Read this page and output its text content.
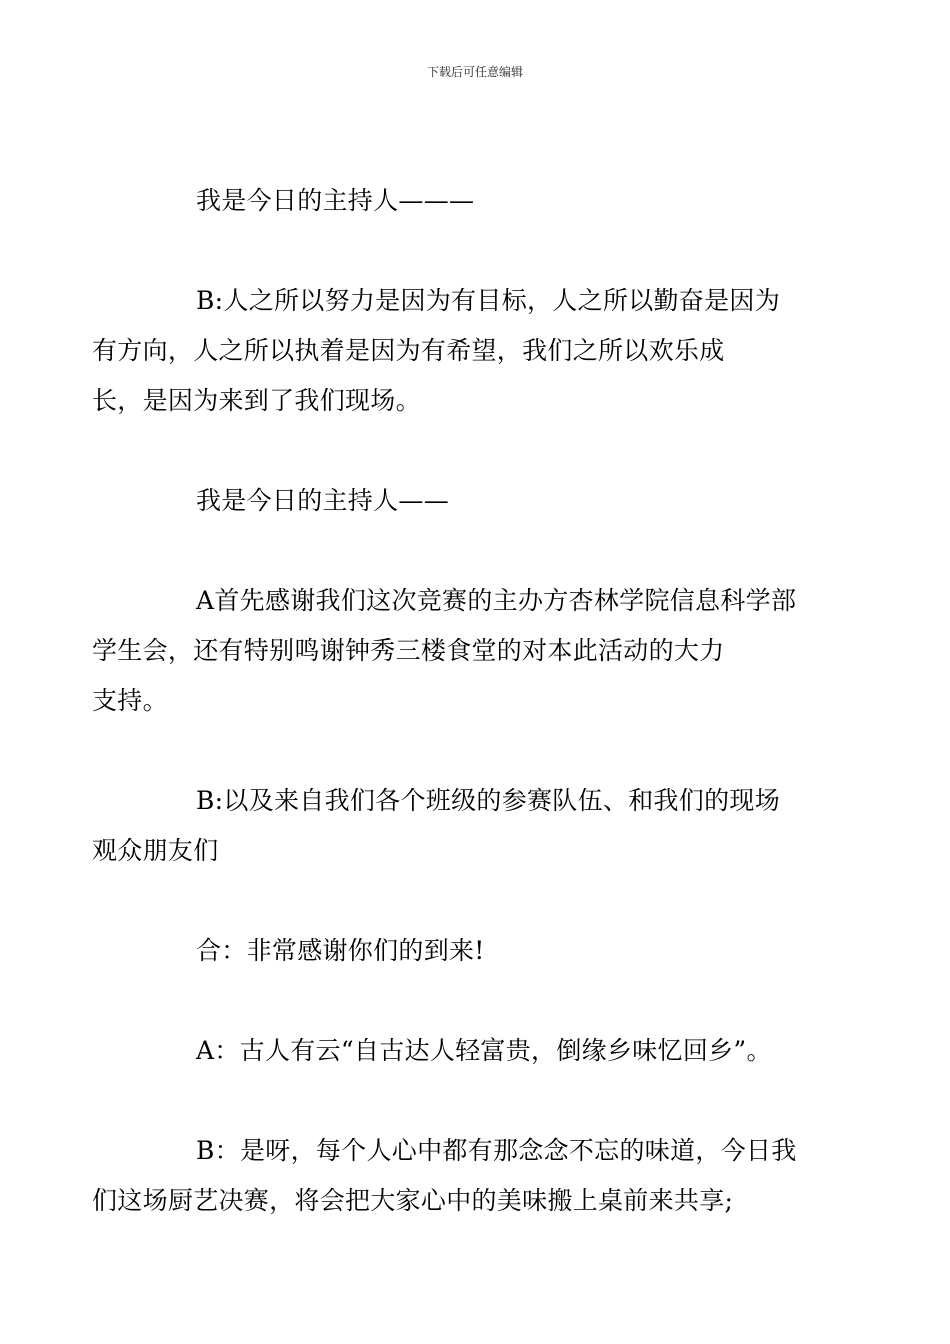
下载后可任意编辑

我是今日的主持人———

B:人之所以努力是因为有目标，人之所以勤奋是因为
有方向，人之所以执着是因为有希望，我们之所以欢乐成
长，是因为来到了我们现场。

我是今日的主持人——

A首先感谢我们这次竞赛的主办方杏林学院信息科学部
学生会，还有特别鸣谢钟秀三楼食堂的对本此活动的大力
支持。

B:以及来自我们各个班级的参赛队伍、和我们的现场
观众朋友们

合：非常感谢你们的到来!

A：古人有云“自古达人轻富贵，倒缘乡味忆回乡”。

B：是呀，每个人心中都有那念念不忘的味道，今日我
们这场厨艺决赛，将会把大家心中的美味搬上桌前来共享;
